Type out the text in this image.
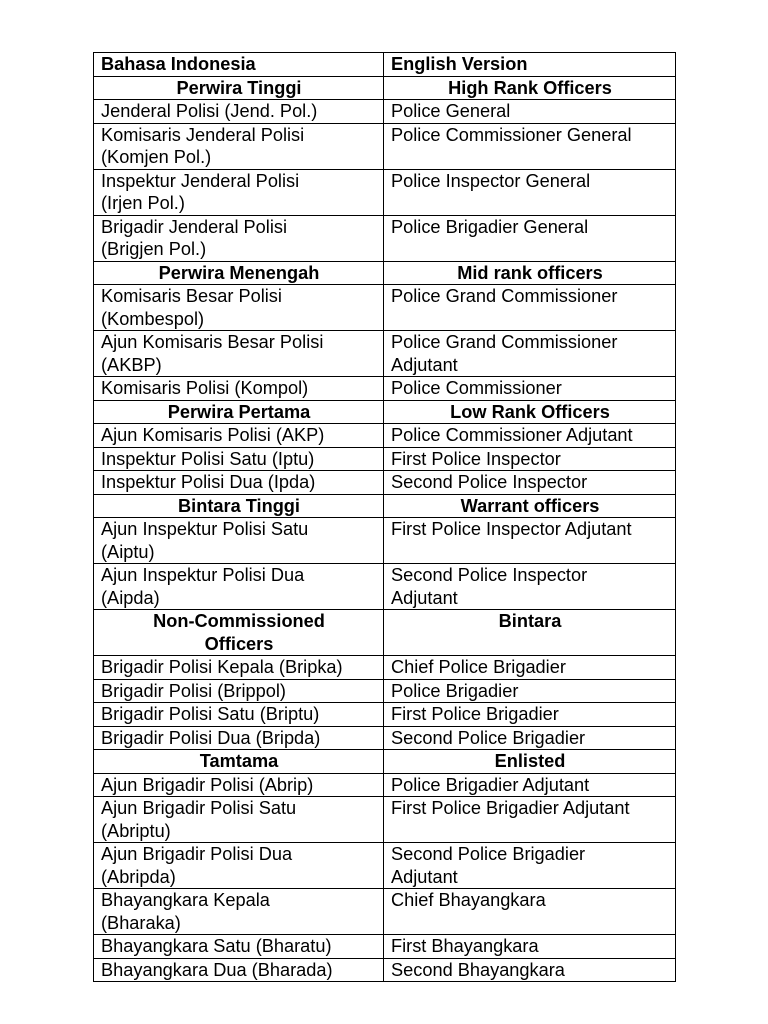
Bahasa Indonesia	English Version
Perwira Tinggi	High Rank Officers
Jenderal Polisi (Jend. Pol.)	Police General

Komisaris Jenderal Polisi (Komjen Pol.)	Police Commissioner General

Inspektur Jenderal Polisi (Irjen Pol.)	Police Inspector General

Brigadir Jenderal Polisi (Brigjen Pol.)	Police Brigadier General
Perwira Menengah	Mid rank officers

Komisaris Besar Polisi (Kombespol)	Police Grand Commissioner

Ajun Komisaris Besar Polisi (AKBP)	Police Grand Commissioner Adjutant

Komisaris Polisi (Kompol)	Police Commissioner
Perwira Pertama	Low Rank Officers
Ajun Komisaris Polisi (AKP)	Police Commissioner Adjutant
Inspektur Polisi Satu (Iptu)	First Police Inspector
Inspektur Polisi Dua (Ipda)	Second Police Inspector
Bintara Tinggi	Warrant officers

Ajun Inspektur Polisi Satu (Aiptu)	First Police Inspector Adjutant

Ajun Inspektur Polisi Dua (Aipda)	Second Police Inspector Adjutant

Non-Commissioned Officers	Bintara
Brigadir Polisi Kepala (Bripka)	Chief Police Brigadier
Brigadir Polisi (Brippol)	Police Brigadier
Brigadir Polisi Satu (Briptu)	First Police Brigadier
Brigadir Polisi Dua (Bripda)	Second Police Brigadier
Tamtama	Enlisted
Ajun Brigadir Polisi (Abrip)	Police Brigadier Adjutant

Ajun Brigadir Polisi Satu (Abriptu)	First Police Brigadier Adjutant

Ajun Brigadir Polisi Dua (Abripda)	Second Police Brigadier Adjutant

Bhayangkara Kepala (Bharaka)	Chief Bhayangkara
Bhayangkara Satu (Bharatu)	First Bhayangkara
Bhayangkara Dua (Bharada)	Second Bhayangkara
